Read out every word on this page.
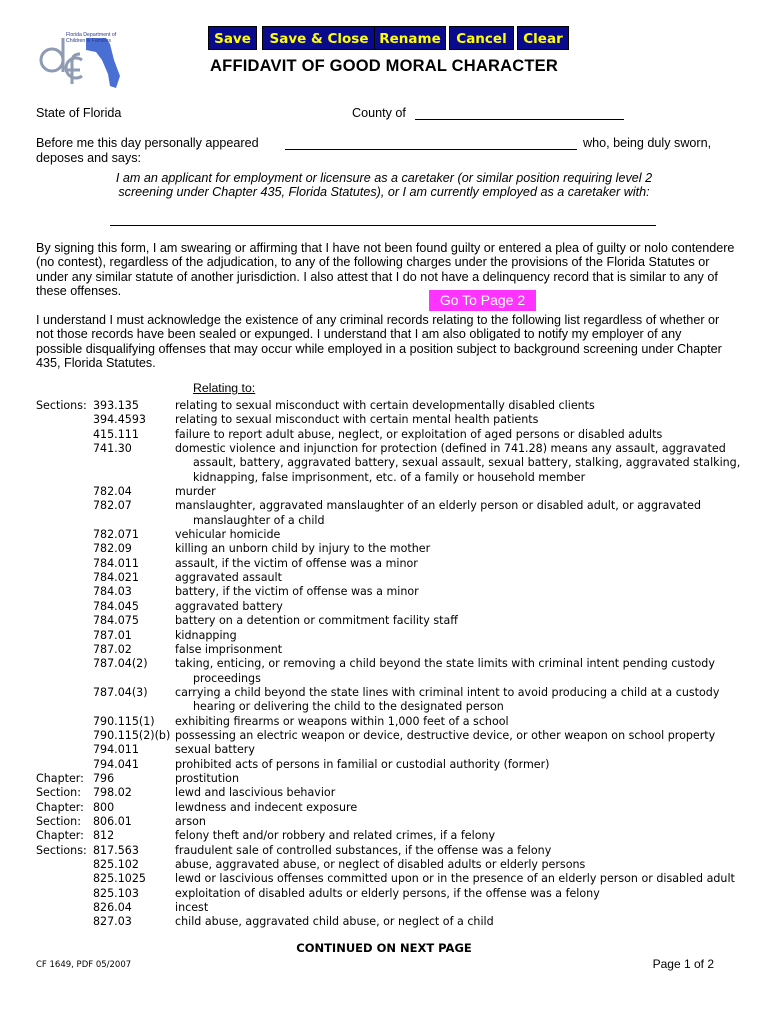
Save	Save & Close Rename	Cancel	Clear
Florida Department of
Children & Families
AFFIDAVIT OF GOOD MORAL CHARACTER
State of Florida	County of
Before me this day personally appeared	who, being duly sworn,
deposes and says:
I am an applicant for employment or licensure as a caretaker (or similar position requiring level 2
screening under Chapter 435, Florida Statutes), or I am currently employed as a caretaker with:
By signing this form, I am swearing or affirming that I have not been found guilty or entered a plea of guilty or nolo contendere (no contest), regardless of the adjudication, to any of the following charges under the provisions of the Florida Statutes or under any similar statute of another jurisdiction. I also attest that I do not have a delinquency record that is similar to any of these offenses.
Go To Page 2
I understand I must acknowledge the existence of any criminal records relating to the following list regardless of whether or not those records have been sealed or expunged. I understand that I am also obligated to notify my employer of any possible disqualifying offenses that may occur while employed in a position subject to background screening under Chapter 435, Florida Statutes.
Relating to:
Sections: 393.135	relating to sexual misconduct with certain developmentally disabled clients
394.4593	relating to sexual misconduct with certain mental health patients
415.111	failure to report adult abuse, neglect, or exploitation of aged persons or disabled adults
741.30	domestic violence and injunction for protection (defined in 741.28) means any assault, aggravated assault, battery, aggravated battery, sexual assault, sexual battery, stalking, aggravated stalking, kidnapping, false imprisonment, etc. of a family or household member
782.04	murder
782.07	manslaughter, aggravated manslaughter of an elderly person or disabled adult, or aggravated manslaughter of a child
782.071	vehicular homicide
782.09	killing an unborn child by injury to the mother
784.011	assault, if the victim of offense was a minor
784.021	aggravated assault
784.03	battery, if the victim of offense was a minor
784.045	aggravated battery
784.075	battery on a detention or commitment facility staff
787.01	kidnapping
787.02	false imprisonment
787.04(2)	taking, enticing, or removing a child beyond the state limits with criminal intent pending custody proceedings
787.04(3)	carrying a child beyond the state lines with criminal intent to avoid producing a child at a custody hearing or delivering the child to the designated person
790.115(1)	exhibiting firearms or weapons within 1,000 feet of a school
790.115(2)(b) possessing an electric weapon or device, destructive device, or other weapon on school property
794.011	sexual battery
794.041	prohibited acts of persons in familial or custodial authority (former)
Chapter: 796	prostitution
Section:	798.02	lewd and lascivious behavior
Chapter: 800	lewdness and indecent exposure
Section:	806.01	arson
Chapter: 812	felony theft and/or robbery and related crimes, if a felony
Sections: 817.563	fraudulent sale of controlled substances, if the offense was a felony
825.102	abuse, aggravated abuse, or neglect of disabled adults or elderly persons
825.1025	lewd or lascivious offenses committed upon or in the presence of an elderly person or disabled adult
825.103	exploitation of disabled adults or elderly persons, if the offense was a felony
826.04	incest
827.03	child abuse, aggravated child abuse, or neglect of a child
CONTINUED ON NEXT PAGE
CF 1649, PDF 05/2007	Page 1 of 2
